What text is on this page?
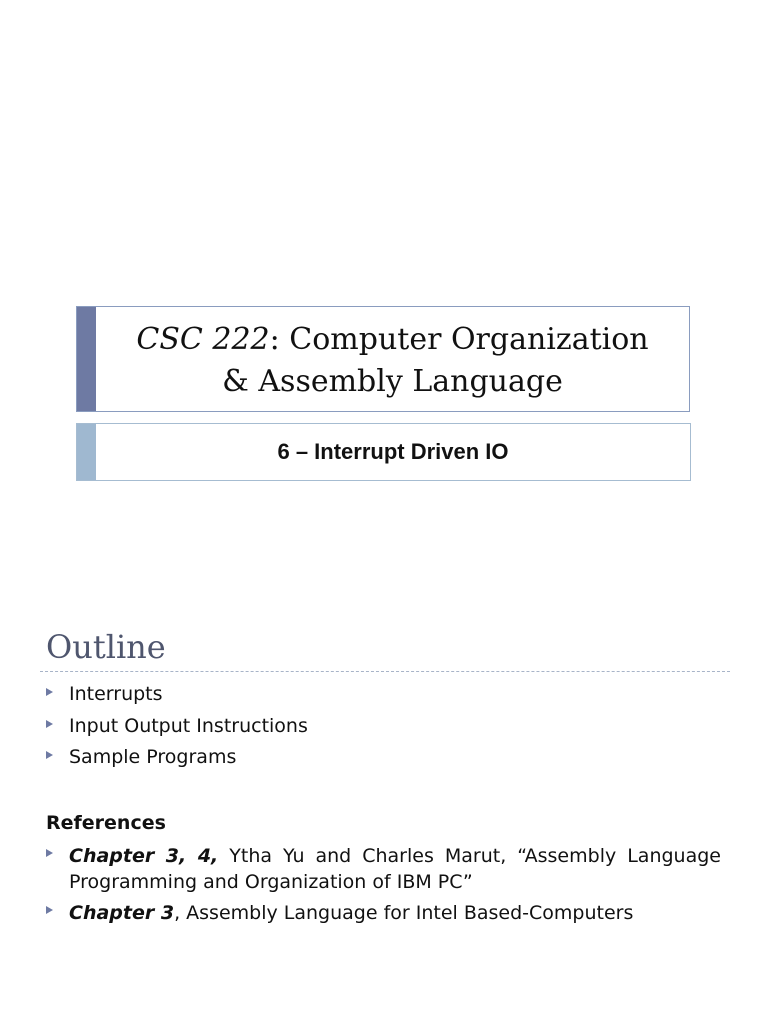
CSC 222: Computer Organization
& Assembly Language
6 – Interrupt Driven IO
Outline
Interrupts
Input Output Instructions
Sample Programs
References
Chapter 3, 4, Ytha Yu and Charles Marut, “Assembly Language Programming and Organization of IBM PC”
Chapter 3, Assembly Language for Intel Based-Computers
